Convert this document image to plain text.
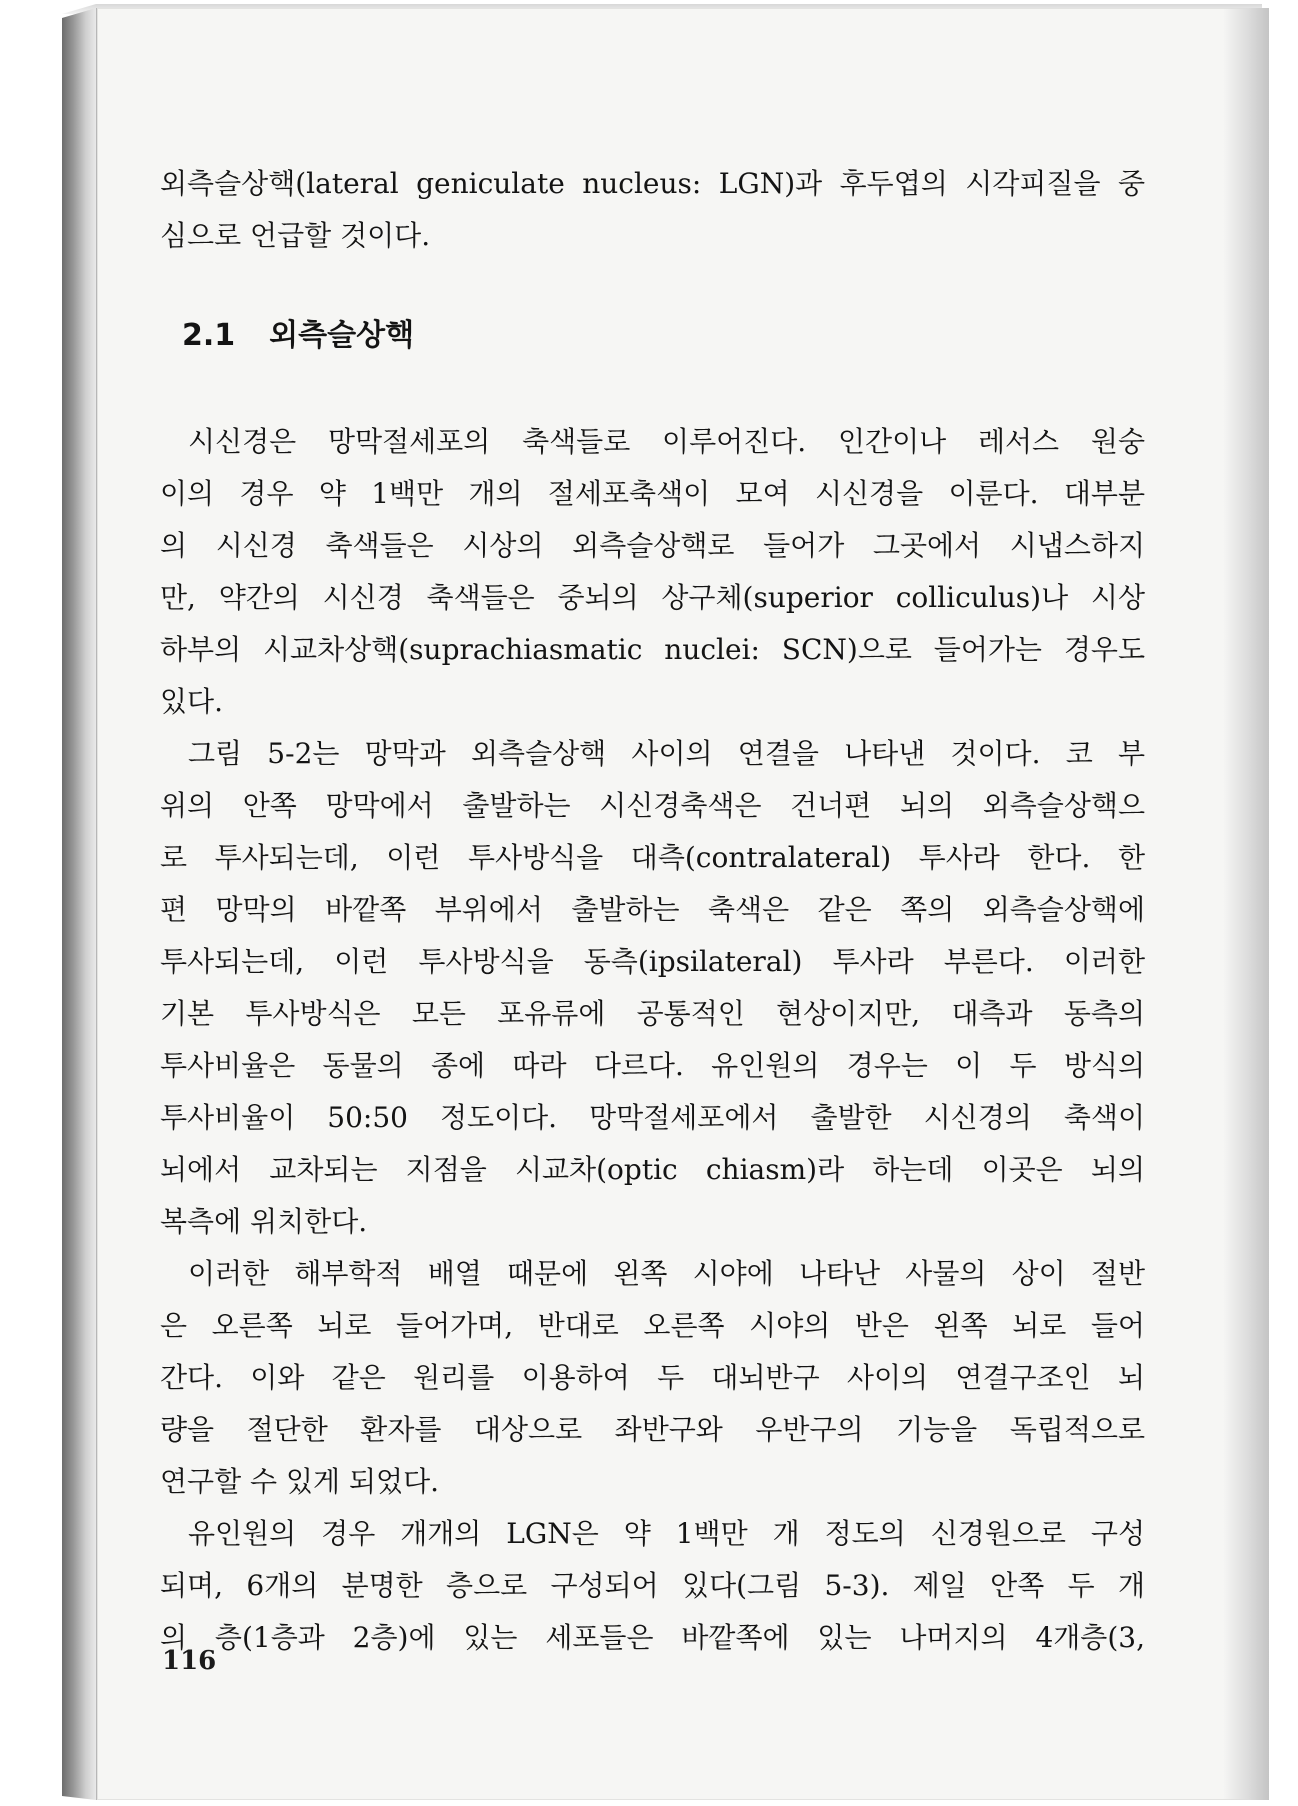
외측슬상핵(lateral geniculate nucleus: LGN)과 후두엽의 시각피질을 중
심으로 언급할 것이다.
2.1 외측슬상핵
시신경은 망막절세포의 축색들로 이루어진다. 인간이나 레서스 원숭
이의 경우 약 1백만 개의 절세포축색이 모여 시신경을 이룬다. 대부분
의 시신경 축색들은 시상의 외측슬상핵로 들어가 그곳에서 시냅스하지
만, 약간의 시신경 축색들은 중뇌의 상구체(superior colliculus)나 시상
하부의 시교차상핵(suprachiasmatic nuclei: SCN)으로 들어가는 경우도
있다.
그림 5-2는 망막과 외측슬상핵 사이의 연결을 나타낸 것이다. 코 부
위의 안쪽 망막에서 출발하는 시신경축색은 건너편 뇌의 외측슬상핵으
로 투사되는데, 이런 투사방식을 대측(contralateral) 투사라 한다. 한
편 망막의 바깥쪽 부위에서 출발하는 축색은 같은 쪽의 외측슬상핵에
투사되는데, 이런 투사방식을 동측(ipsilateral) 투사라 부른다. 이러한
기본 투사방식은 모든 포유류에 공통적인 현상이지만, 대측과 동측의
투사비율은 동물의 종에 따라 다르다. 유인원의 경우는 이 두 방식의
투사비율이 50:50 정도이다. 망막절세포에서 출발한 시신경의 축색이
뇌에서 교차되는 지점을 시교차(optic chiasm)라 하는데 이곳은 뇌의
복측에 위치한다.
이러한 해부학적 배열 때문에 왼쪽 시야에 나타난 사물의 상이 절반
은 오른쪽 뇌로 들어가며, 반대로 오른쪽 시야의 반은 왼쪽 뇌로 들어
간다. 이와 같은 원리를 이용하여 두 대뇌반구 사이의 연결구조인 뇌
량을 절단한 환자를 대상으로 좌반구와 우반구의 기능을 독립적으로
연구할 수 있게 되었다.
유인원의 경우 개개의 LGN은 약 1백만 개 정도의 신경원으로 구성
되며, 6개의 분명한 층으로 구성되어 있다(그림 5-3). 제일 안쪽 두 개
의 층(1층과 2층)에 있는 세포들은 바깥쪽에 있는 나머지의 4개층(3,
116
